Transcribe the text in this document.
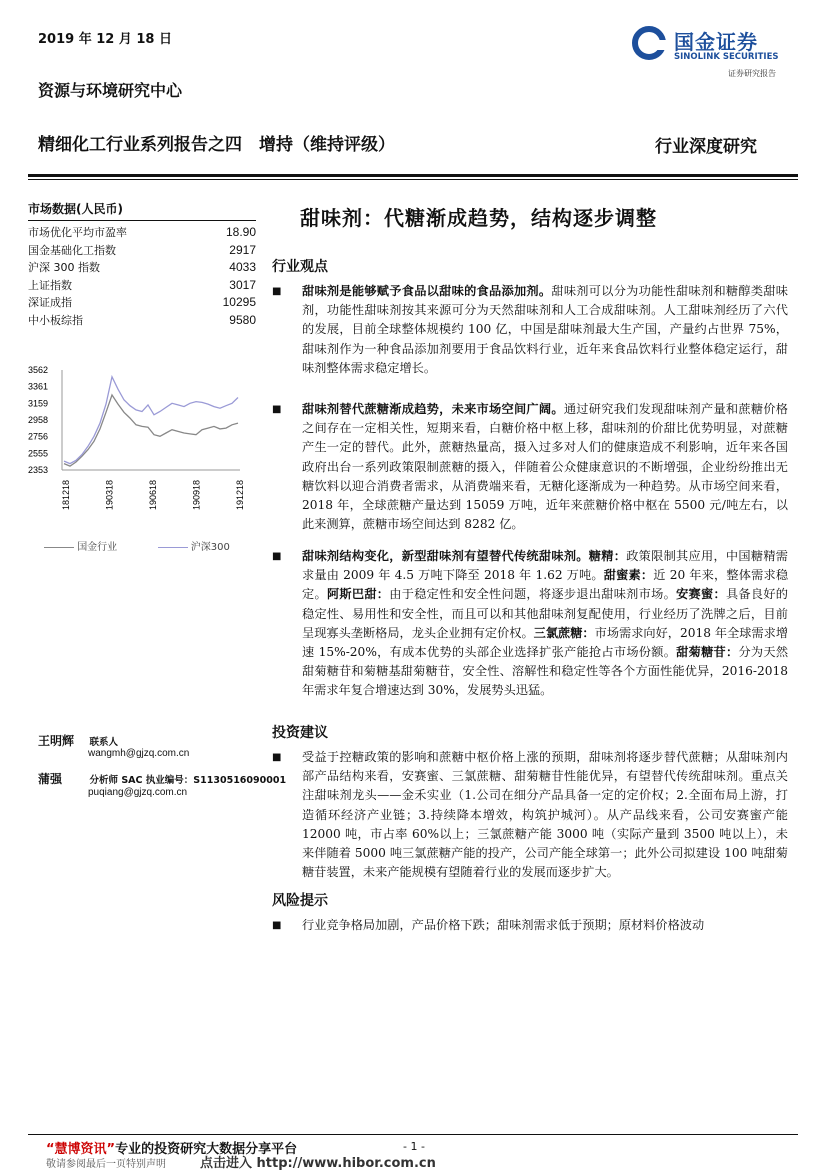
2019 年 12 月 18 日	国金证券
SINOLINK SECURITIES
证券研究报告
资源与环境研究中心
精细化工行业系列报告之四　增持（维持评级）	行业深度研究
市场数据(人民币)
市场优化平均市盈率	18.90
国金基础化工指数	2917
沪深 300 指数	4033
上证指数	3017
深证成指	10295
中小板综指	9580
3562
3361
3159
2958
2756
2555
2353
181218	190318	190618	190918	191218
国金行业	沪深300
王明辉 联系人
wangmh@gjzq.com.cn
蒲强	分析师 SAC 执业编号：S1130516090001
puqiang@gjzq.com.cn
甜味剂：代糖渐成趋势，结构逐步调整
行业观点
■ 甜味剂是能够赋予食品以甜味的食品添加剂。甜味剂可以分为功能性甜味剂和糖醇类甜味剂，功能性甜味剂按其来源可分为天然甜味剂和人工合成甜味剂。人工甜味剂经历了六代的发展，目前全球整体规模约 100 亿，中国是甜味剂最大生产国，产量约占世界 75%，甜味剂作为一种食品添加剂要用于食品饮料行业，近年来食品饮料行业整体稳定运行，甜味剂整体需求稳定增长。
■ 甜味剂替代蔗糖渐成趋势，未来市场空间广阔。通过研究我们发现甜味剂产量和蔗糖价格之间存在一定相关性，短期来看，白糖价格中枢上移，甜味剂的价甜比优势明显，对蔗糖产生一定的替代。此外，蔗糖热量高，摄入过多对人们的健康造成不利影响，近年来各国政府出台一系列政策限制蔗糖的摄入，伴随着公众健康意识的不断增强，企业纷纷推出无糖饮料以迎合消费者需求，从消费端来看，无糖化逐渐成为一种趋势。从市场空间来看，2018 年，全球蔗糖产量达到 15059 万吨，近年来蔗糖价格中枢在 5500 元/吨左右，以此来测算，蔗糖市场空间达到 8282 亿。
■ 甜味剂结构变化，新型甜味剂有望替代传统甜味剂。糖精：政策限制其应用，中国糖精需求量由 2009 年 4.5 万吨下降至 2018 年 1.62 万吨。甜蜜素：近 20 年来，整体需求稳定。阿斯巴甜：由于稳定性和安全性问题，将逐步退出甜味剂市场。安赛蜜：具备良好的稳定性、易用性和安全性，而且可以和其他甜味剂复配使用，行业经历了洗牌之后，目前呈现寡头垄断格局，龙头企业拥有定价权。三氯蔗糖：市场需求向好，2018 年全球需求增速 15%-20%，有成本优势的头部企业选择扩张产能抢占市场份额。甜菊糖苷：分为天然甜菊糖苷和菊糖基甜菊糖苷，安全性、溶解性和稳定性等各个方面性能优异，2016-2018 年需求年复合增速达到 30%，发展势头迅猛。
投资建议
■ 受益于控糖政策的影响和蔗糖中枢价格上涨的预期，甜味剂将逐步替代蔗糖；从甜味剂内部产品结构来看，安赛蜜、三氯蔗糖、甜菊糖苷性能优异，有望替代传统甜味剂。重点关注甜味剂龙头——金禾实业（1.公司在细分产品具备一定的定价权；2.全面布局上游，打造循环经济产业链；3.持续降本增效，构筑护城河）。从产品线来看，公司安赛蜜产能 12000 吨，市占率 60%以上；三氯蔗糖产能 3000 吨（实际产量到 3500 吨以上），未来伴随着 5000 吨三氯蔗糖产能的投产，公司产能全球第一；此外公司拟建设 100 吨甜菊糖苷装置，未来产能规模有望随着行业的发展而逐步扩大。
风险提示
■ 行业竞争格局加剧，产品价格下跌；甜味剂需求低于预期；原材料价格波动
“慧博资讯”专业的投资研究大数据分享平台	- 1 -
敬请参阅最后一页特别声明	点击进入 http://www.hibor.com.cn
